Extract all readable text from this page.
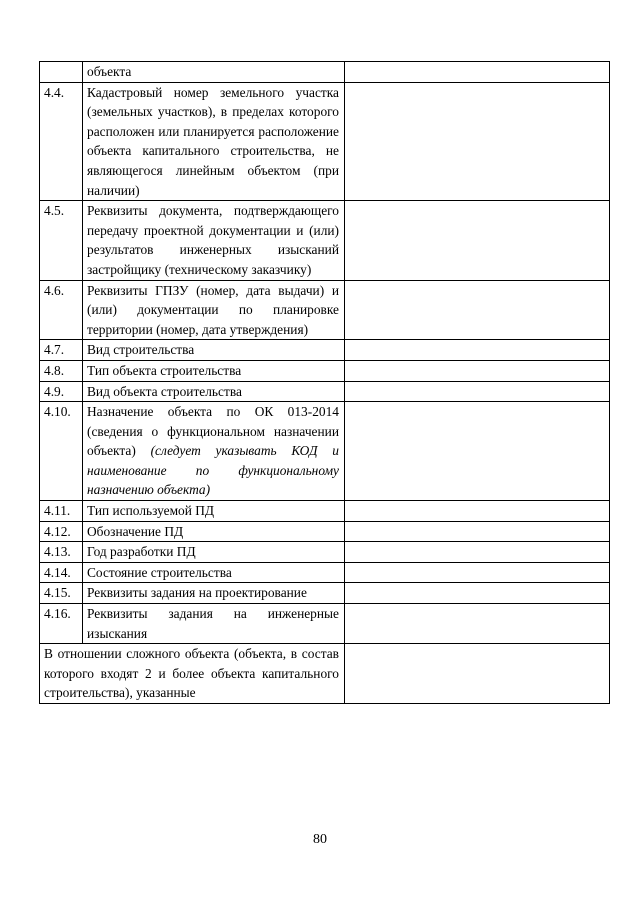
	объекта	
4.4.	Кадастровый номер земельного участка (земельных участков), в пределах которого расположен или планируется расположение объекта капитального строительства, не являющегося линейным объектом (при наличии)	
4.5.	Реквизиты документа, подтверждающего передачу проектной документации и (или) результатов инженерных изысканий застройщику (техническому заказчику)	
4.6.	Реквизиты ГПЗУ (номер, дата выдачи) и (или) документации по планировке территории (номер, дата утверждения)	
4.7.	Вид строительства	
4.8.	Тип объекта строительства	
4.9.	Вид объекта строительства	
4.10.	Назначение объекта по ОК 013-2014 (сведения о функциональном назначении объекта) (следует указывать КОД и наименование по функциональному назначению объекта)	
4.11.	Тип используемой ПД	
4.12.	Обозначение ПД	
4.13.	Год разработки ПД	
4.14.	Состояние строительства	
4.15.	Реквизиты задания на проектирование	
4.16.	Реквизиты задания на инженерные изыскания	
В отношении сложного объекта (объекта, в состав которого входят 2 и более объекта капитального строительства), указанные		
80
